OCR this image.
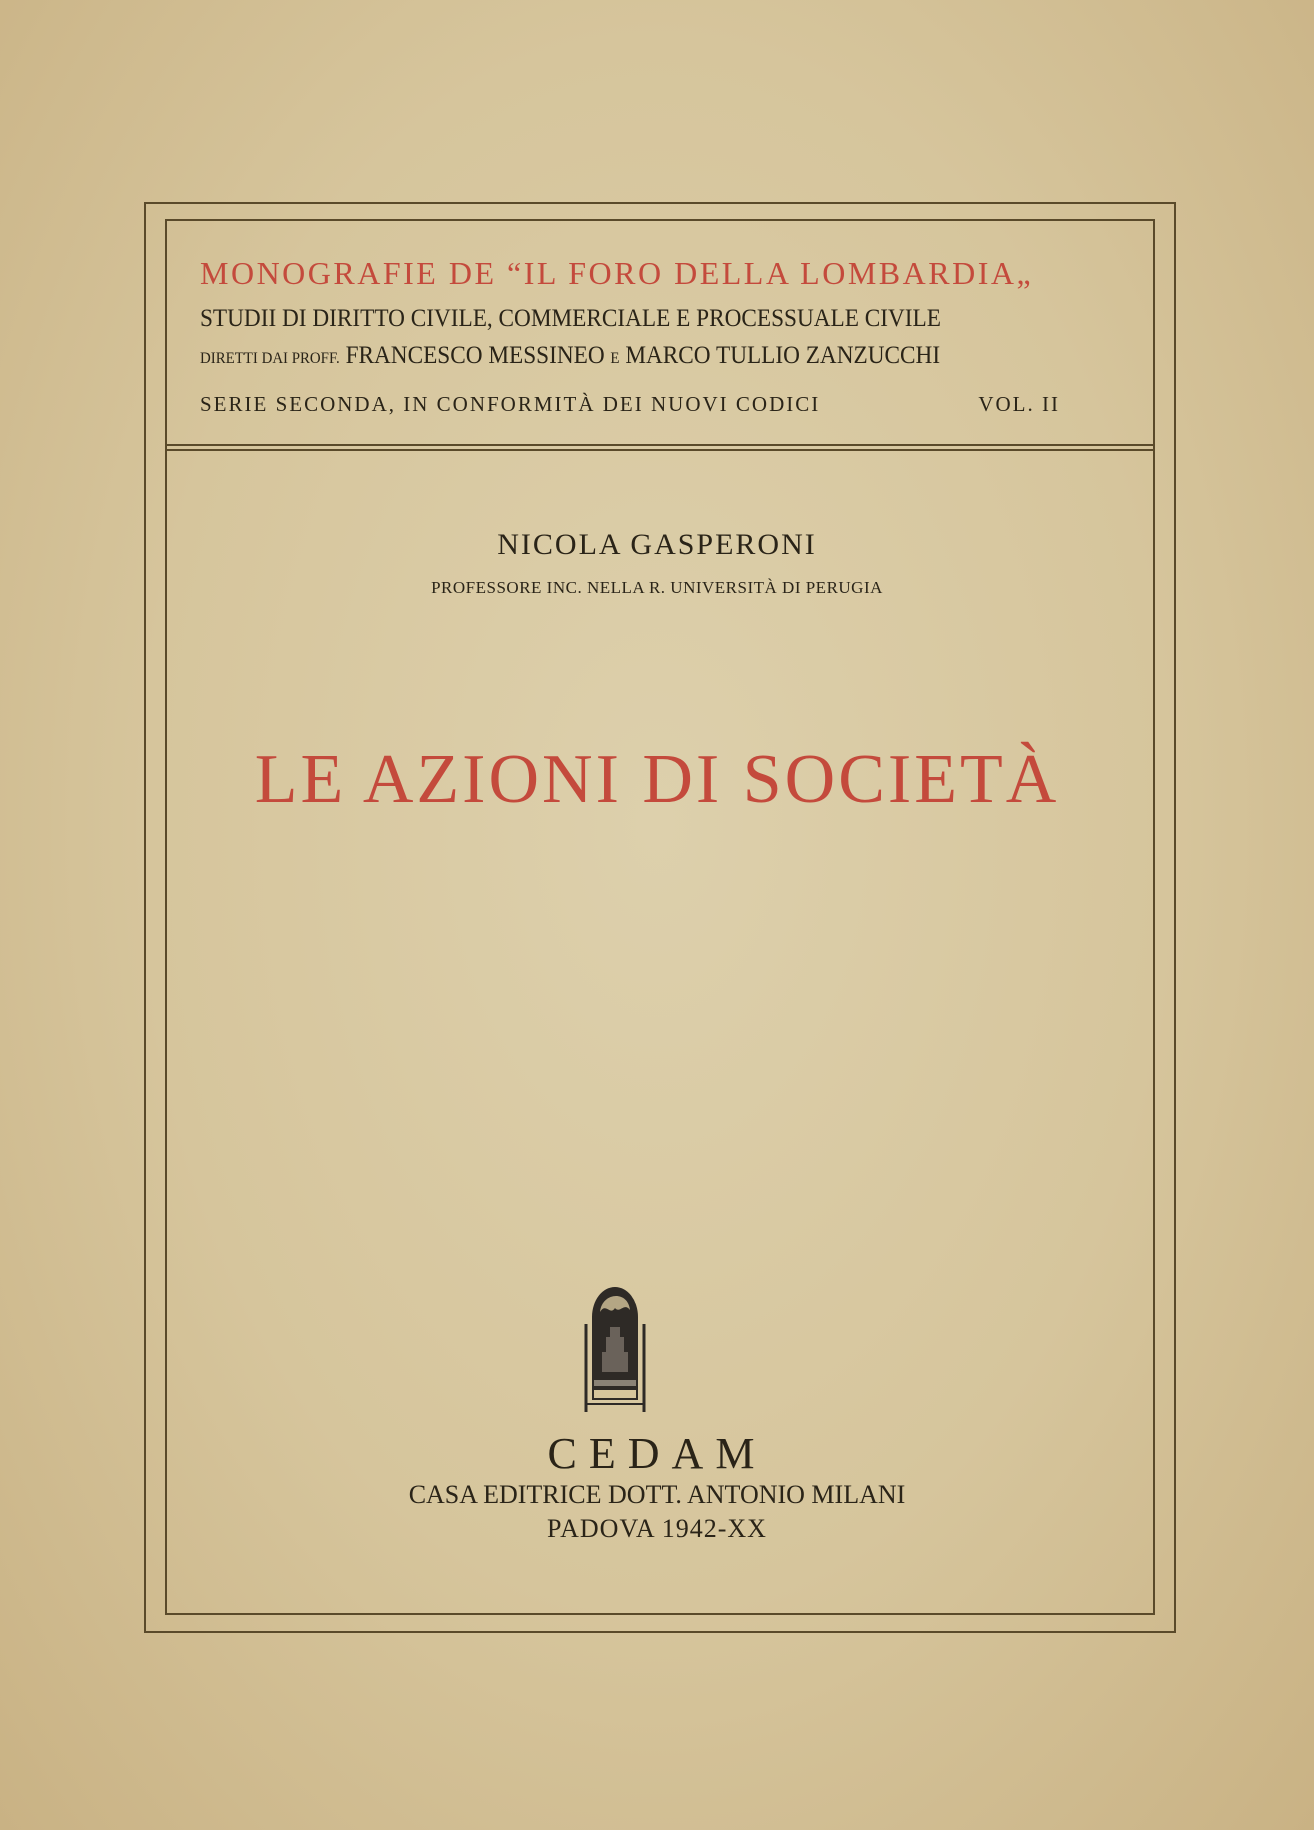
MONOGRAFIE DE “IL FORO DELLA LOMBARDIA„
STUDII DI DIRITTO CIVILE, COMMERCIALE E PROCESSUALE CIVILE
DIRETTI DAI PROFF. FRANCESCO MESSINEO E MARCO TULLIO ZANZUCCHI
SERIE SECONDA, IN CONFORMITÀ DEI NUOVI CODICI	VOL. II
NICOLA GASPERONI
PROFESSORE INC. NELLA R. UNIVERSITÀ DI PERUGIA
LE AZIONI DI SOCIETÀ
CEDAM
CASA EDITRICE DOTT. ANTONIO MILANI
PADOVA 1942-XX
